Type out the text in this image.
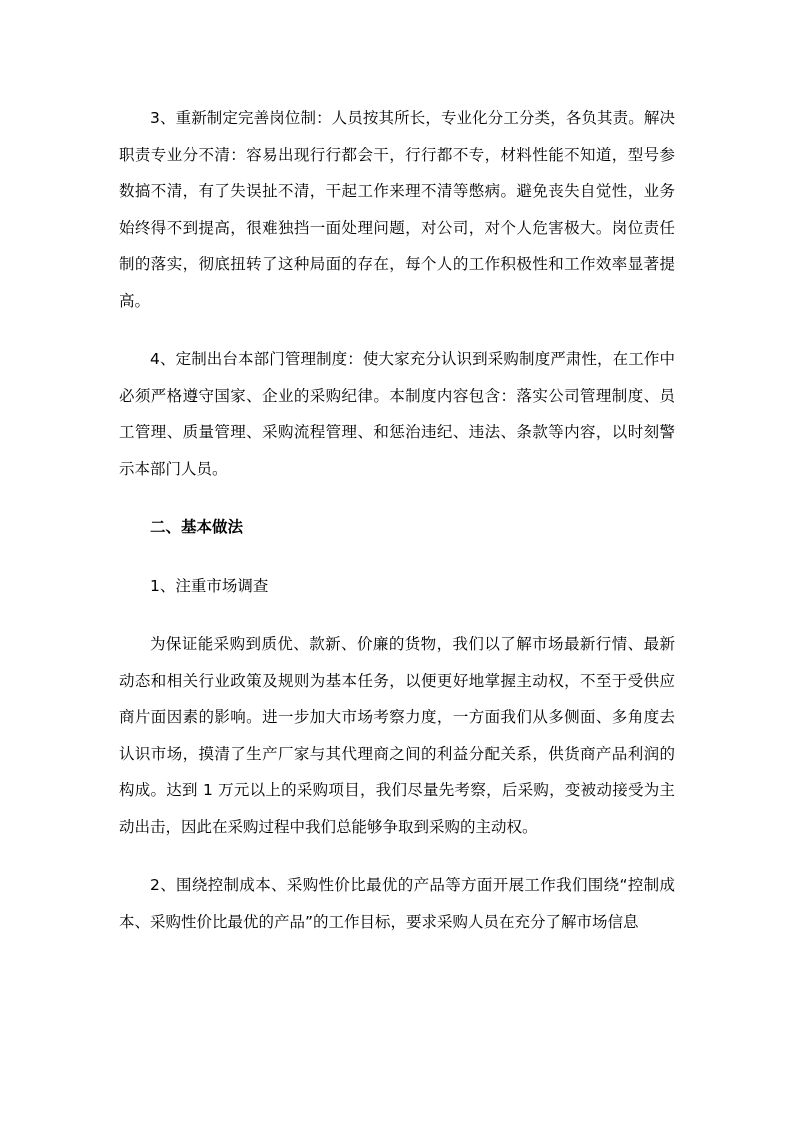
3、重新制定完善岗位制：人员按其所长，专业化分工分类，各负其责。解决职责专业分不清：容易出现行行都会干，行行都不专，材料性能不知道，型号参数搞不清，有了失误扯不清，干起工作来理不清等憋病。避免丧失自觉性，业务始终得不到提高，很难独挡一面处理问题，对公司，对个人危害极大。岗位责任制的落实，彻底扭转了这种局面的存在，每个人的工作积极性和工作效率显著提高。

4、定制出台本部门管理制度：使大家充分认识到采购制度严肃性，在工作中必须严格遵守国家、企业的采购纪律。本制度内容包含：落实公司管理制度、员工管理、质量管理、采购流程管理、和惩治违纪、违法、条款等内容，以时刻警示本部门人员。

二、基本做法

1、注重市场调查

为保证能采购到质优、款新、价廉的货物，我们以了解市场最新行情、最新动态和相关行业政策及规则为基本任务，以便更好地掌握主动权，不至于受供应商片面因素的影响。进一步加大市场考察力度，一方面我们从多侧面、多角度去认识市场，摸清了生产厂家与其代理商之间的利益分配关系，供货商产品利润的构成。达到 1 万元以上的采购项目，我们尽量先考察，后采购，变被动接受为主动出击，因此在采购过程中我们总能够争取到采购的主动权。

2、围绕控制成本、采购性价比最优的产品等方面开展工作我们围绕“控制成本、采购性价比最优的产品”的工作目标，要求采购人员在充分了解市场信息
